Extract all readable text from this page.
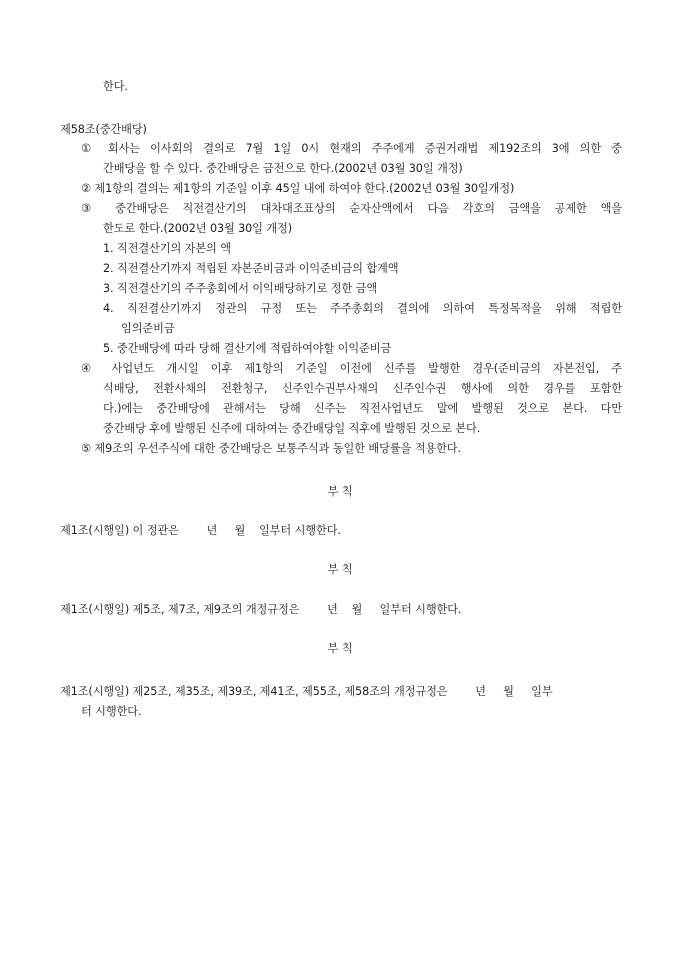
한다.
제58조(중간배당)
① 회사는 이사회의 결의로 7월 1일 0시 현재의 주주에게 증권거래법 제192조의 3에 의한 중
간배당을 할 수 있다. 중간배당은 금전으로 한다.(2002년 03월 30일 개정)
② 제1항의 결의는 제1항의 기준일 이후 45일 내에 하여야 한다.(2002년 03월 30일개정)
③ 중간배당은 직전결산기의 대차대조표상의 순자산액에서 다음 각호의 금액을 공제한 액을
한도로 한다.(2002년 03월 30일 개정)
1. 직전결산기의 자본의 액
2. 직전결산기까지 적립된 자본준비금과 이익준비금의 합계액
3. 직전결산기의 주주총회에서 이익배당하기로 정한 금액
4. 직전결산기까지 정관의 규정 또는 주주총회의 결의에 의하여 특정목적을 위해 적립한
임의준비금
5. 중간배당에 따라 당해 결산기에 적립하여야할 이익준비금
④ 사업년도 개시일 이후 제1항의 기준일 이전에 신주를 발행한 경우(준비금의 자본전입, 주
식배당, 전환사채의 전환청구, 신주인수권부사채의 신주인수권 행사에 의한 경우를 포함한
다.)에는 중간배당에 관해서는 당해 신주는 직전사업년도 말에 발행된 것으로 본다. 다만
중간배당 후에 발행된 신주에 대하여는 중간배당일 직후에 발행된 것으로 본다.
⑤ 제9조의 우선주식에 대한 중간배당은 보통주식과 동일한 배당률을 적용한다.
부 칙
제1조(시행일) 이 정관은        년     월    일부터 시행한다.
부 칙
제1조(시행일) 제5조, 제7조, 제9조의 개정규정은        년    월     일부터 시행한다.
부 칙
제1조(시행일) 제25조, 제35조, 제39조, 제41조, 제55조, 제58조의 개정규정은        년     월     일부
터 시행한다.
